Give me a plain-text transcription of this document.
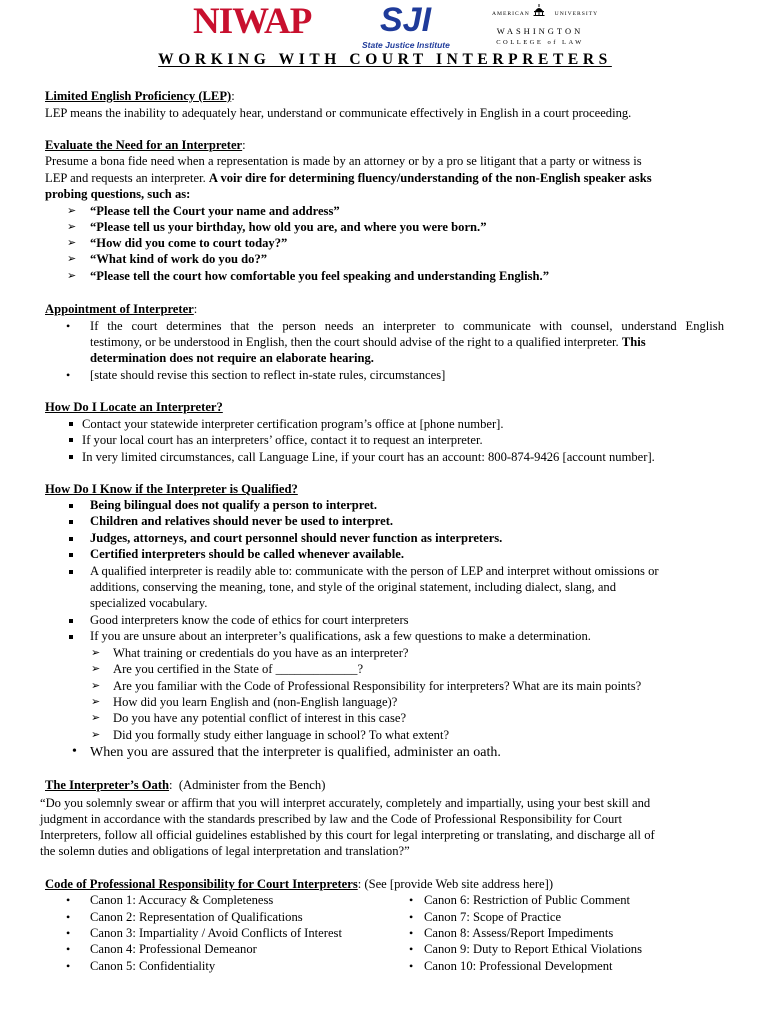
NIWAP SJI
State Justice Institute
AMERICAN	UNIVERSITY
WASHINGTON
COLLEGE of LAW
WORKING WITH COURT INTERPRETERS
Limited English Proficiency (LEP):
LEP means the inability to adequately hear, understand or communicate effectively in English in a court proceeding.
Evaluate the Need for an Interpreter:
Presume a bona fide need when a representation is made by an attorney or by a pro se litigant that a party or witness is
LEP and requests an interpreter. A voir dire for determining fluency/understanding of the non-English speaker asks
probing questions, such as:
➢ “Please tell the Court your name and address”
➢ “Please tell us your birthday, how old you are, and where you were born.”
➢ “How did you come to court today?”
➢ “What kind of work do you do?”
➢ “Please tell the court how comfortable you feel speaking and understanding English.”
Appointment of Interpreter:
• If the court determines that the person needs an interpreter to communicate with counsel, understand English
testimony, or be understood in English, then the court should advise of the right to a qualified interpreter. This
determination does not require an elaborate hearing.
• [state should revise this section to reflect in-state rules, circumstances]
How Do I Locate an Interpreter?
Contact your statewide interpreter certification program’s office at [phone number].
If your local court has an interpreters’ office, contact it to request an interpreter.
In very limited circumstances, call Language Line, if your court has an account: 800-874-9426 [account number].
How Do I Know if the Interpreter is Qualified?
Being bilingual does not qualify a person to interpret.
Children and relatives should never be used to interpret.
Judges, attorneys, and court personnel should never function as interpreters.
Certified interpreters should be called whenever available.
A qualified interpreter is readily able to: communicate with the person of LEP and interpret without omissions or
additions, conserving the meaning, tone, and style of the original statement, including dialect, slang, and
specialized vocabulary.
Good interpreters know the code of ethics for court interpreters
If you are unsure about an interpreter’s qualifications, ask a few questions to make a determination.
➢ What training or credentials do you have as an interpreter?
➢ Are you certified in the State of _____________?
➢ Are you familiar with the Code of Professional Responsibility for interpreters? What are its main points?
➢ How did you learn English and (non-English language)?
➢ Do you have any potential conflict of interest in this case?
➢ Did you formally study either language in school? To what extent?
• When you are assured that the interpreter is qualified, administer an oath.
The Interpreter’s Oath:  (Administer from the Bench)
“Do you solemnly swear or affirm that you will interpret accurately, completely and impartially, using your best skill and
judgment in accordance with the standards prescribed by law and the Code of Professional Responsibility for Court
Interpreters, follow all official guidelines established by this court for legal interpreting or translating, and discharge all of
the solemn duties and obligations of legal interpretation and translation?”
Code of Professional Responsibility for Court Interpreters: (See [provide Web site address here])
• Canon 1: Accuracy & Completeness
• Canon 2: Representation of Qualifications
• Canon 3: Impartiality / Avoid Conflicts of Interest
• Canon 4: Professional Demeanor
• Canon 5: Confidentiality
• Canon 6: Restriction of Public Comment
• Canon 7: Scope of Practice
• Canon 8: Assess/Report Impediments
• Canon 9: Duty to Report Ethical Violations
• Canon 10: Professional Development
